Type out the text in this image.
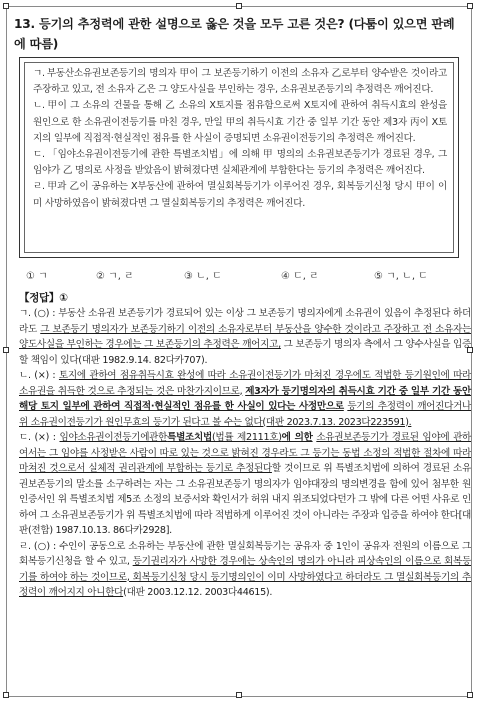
13. 등기의 추정력에 관한 설명으로 옳은 것을 모두 고른 것은? (다툼이 있으면 판례에 따름)
ㄱ. 부동산소유권보존등기의 명의자 甲이 그 보존등기하기 이전의 소유자 乙로부터 양수받은 것이라고 주장하고 있고, 전 소유자 乙은 그 양도사실을 부인하는 경우, 소유권보존등기의 추정력은 깨어진다.
ㄴ. 甲이 그 소유의 건물을 통해 乙 소유의 X토지를 점유함으로써 X토지에 관하여 취득시효의 완성을 원인으로 한 소유권이전등기를 마친 경우, 만일 甲의 취득시효 기간 중 일부 기간 동안 제3자 丙이 X토지의 일부에 직접적·현실적인 점유를 한 사실이 증명되면 소유권이전등기의 추정력은 깨어진다.
ㄷ. 「임야소유권이전등기에 관한 특별조치법」에 의해 甲 명의의 소유권보존등기가 경료된 경우, 그 임야가 乙 명의로 사정을 받았음이 밝혀졌다면 실체관계에 부합한다는 등기의 추정력은 깨어진다.
ㄹ. 甲과 乙이 공유하는 X부동산에 관하여 멸실회복등기가 이루어진 경우, 회복등기신청 당시 甲이 이미 사망하였음이 밝혀졌다면 그 멸실회복등기의 추정력은 깨어진다.
① ㄱ	② ㄱ, ㄹ	③ ㄴ, ㄷ	④ ㄷ, ㄹ	⑤ ㄱ, ㄴ, ㄷ
【정답】①

ㄱ. (○) : 부동산 소유권 보존등기가 경료되어 있는 이상 그 보존등기 명의자에게 소유권이 있음이 추정된다 하더라도 그 보존등기 명의자가 보존등기하기 이전의 소유자로부터 부동산을 양수한 것이라고 주장하고 전 소유자는 양도사실을 부인하는 경우에는 그 보존등기의 추정력은 깨어지고, 그 보존등기 명의자 측에서 그 양수사실을 입증할 책임이 있다(대판 1982.9.14. 82다카707).

ㄴ. (×) : 토지에 관하여 점유취득시효 완성에 따라 소유권이전등기가 마쳐진 경우에도 적법한 등기원인에 따라 소유권을 취득한 것으로 추정되는 것은 마찬가지이므로, 제3자가 등기명의자의 취득시효 기간 중 일부 기간 동안 해당 토지 일부에 관하여 직접적·현실적인 점유를 한 사실이 있다는 사정만으로 등기의 추정력이 깨어진다거나 위 소유권이전등기가 원인무효의 등기가 된다고 볼 수는 없다(대판 2023.7.13. 2023다223591).

ㄷ. (×) : 임야소유권이전등기에관한특별조치법(법률 제2111호)에 의한 소유권보존등기가 경료된 임야에 관하여서는 그 임야를 사정받은 사람이 따로 있는 것으로 밝혀진 경우라도 그 등기는 동법 소정의 적법한 절차에 따라 마쳐진 것으로서 실체적 권리관계에 부합하는 등기로 추정된다할 것이므로 위 특별조치법에 의하여 경료된 소유권보존등기의 말소를 소구하려는 자는 그 소유권보존등기 명의자가 임야대장의 명의변경을 함에 있어 첨부한 원인증서인 위 특별조치법 제5조 소정의 보증서와 확인서가 허위 내지 위조되었다던가 그 밖에 다른 어떤 사유로 인하여 그 소유권보존등기가 위 특별조치법에 따라 적법하게 이루어진 것이 아니라는 주장과 입증을 하여야 한다[대판(전합) 1987.10.13. 86다카2928].

ㄹ. (○) : 수인이 공동으로 소유하는 부동산에 관한 멸실회복등기는 공유자 중 1인이 공유자 전원의 이름으로 그 회복등기신청을 할 수 있고, 등기권리자가 사망한 경우에는 상속인의 명의가 아니라 피상속인의 이름으로 회복등기를 하여야 하는 것이므로, 회복등기신청 당시 등기명의인이 이미 사망하였다고 하더라도 그 멸실회복등기의 추정력이 깨어지지 아니한다(대판 2003.12.12. 2003다44615).
